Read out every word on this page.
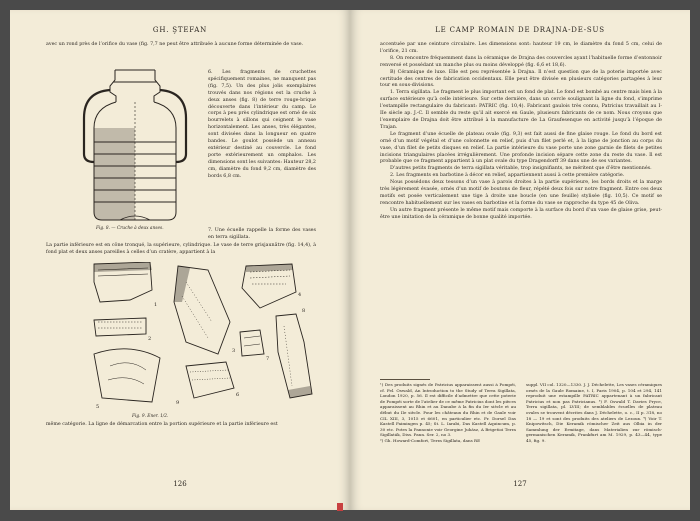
GH. ŞTEFAN
avec un rond près de l’orifice du vase (fig. 7,7 ne peut être attribuée à aucune forme déterminée de vase.
Fig. 8. — Cruche à deux anses.
6. Les fragments de cruchettes spécifiquement romaines, ne manquent pas (fig. 7,5). Un des plus jolis exemplaires trouvés dans nos régions est la cruche à deux anses (fig. 8) de terre rouge-brique découverte dans l’intérieur du camp. Le corps à peu près cylindrique est orné de six bourrelets à sillons qui ceignent le vase horizontalement. Les anses, très élégantes, sont divisées dans la longueur en quatre bandes. Le goulot possède un anneau extérieur destiné au couvercle. Le fond porte extérieurement un omphalos. Les dimensions sont les suivantes: Hauteur 28,2 cm, diamètre du fond 9,2 cm, diamètre des bords 6,8 cm.
7. Une écuelle rappelle la forme des vases en terra sigillata.
La partie inférieure est en cône tronqué, la supérieure, cylindrique. Le vase de terre grisjaunâtre (fig. 14,4), à fond plat et deux anses pareilles à celles d’un cratère, appartient à la
1
2
3
4
5
6
7
8
9
Fig. 9. Ener. 1/2.
même catégorie. La ligne de démarcation entre la portion supérieure et la partie inférieure est
126
LE CAMP ROMAIN DE DRAJNA-DE-SUS

accentuée par une ceinture circulaire. Les dimensions sont: hauteur 19 cm, le diamètre du fond 5 cm, celui de l’orifice, 21 cm.

8. On rencontre fréquemment dans la céramique de Drajna des couvercles ayant l’habituelle forme d’entonnoir renversé et possédant un manche plus ou moins développé (fig. 6,6 et 18,6).

B) Céramique de luxe. Elle est peu représentée à Drajna. Il n’est question que de la poterie importée avec certitude des centres de fabrication occidentaux. Elle peut être divisée en plusieurs catégories partagées à leur tour en sous-divisions.

1. Terra sigillata. Le fragment le plus important est un fond de plat. Le fond est bombé au centre mais bien à la surface extérieure qu’à celle intérieure. Sur cette dernière, dans un cercle soulignant la ligne du fond, s’imprime l’estampille rectangulaire du fabricant: PATRIC (fig. 10,4). Fabricant gaulois très connu, Patricius travaillait au I-IIe siècle ap. J.-C. Il semble du reste qu’il ait exercé en Gaule, plusieurs fabricants de ce nom. Nous croyons que l’exemplaire de Drajna doit être attribué à la manufacture de La Graufesenque en activité jusqu’à l’époque de Trajan.

Le fragment d’une écuelle de plateau ovale (fig. 9,3) est fait aussi de fine glaise rouge. Le fond du bord est orné d’un motif végétal et d’une colonnette en relief, puis d’un filet perlé et, à la ligne de jonction au corps du vase, d’un filet de petits disques en relief. La partie intérieure du vase porte une zone garnie de filets de petites incisions triangulaires placées irrégulièrement. Une profonde incision sépare cette zone du reste du vase. Il est probable que ce fragment appartient à un plat ovale du type Dragendorff 39 dans une de ses variantes.

D’autres petits fragments de terra sigillata véritable, trop insignifiants, ne méritent que d’être mentionnés.

2. Les fragments en barbotine à décor en relief, appartiennent aussi à cette première catégorie.

Nous possédons deux tessons d’un vase à parois droites à la partie supérieure, les bords droits et la marge très légèrement évasée, ornés d’un motif de boutons de fleur, répété deux fois sur notre fragment. Entre ces deux motifs est posée verticalement une tige à droite une boucle (en une feuille) stylisée (fig. 10,5). Ce motif se rencontre habituellement sur les vases en barbotine et la forme du vase se rapproche du type 45 de Oliva.

Un autre fragment présente le même motif mais comporte à la surface du bord d’un vase de glaise grise, peut-être une imitation de la céramique de bonne qualité importée.

¹) Des produits signés de Patricius apparaissent aussi à Pompéi, cf. Fel. Oswald, An Introduction to the Study of Terra Sigillata, London 1920, p. 56. Il est difficile d’admettre que cette poterie de Pompéi sorte de l’atelier de ce même Patricius dont les pièces apparaissent au Rhin et au Danube à la fin du Ier siècle et au début du IIe siècle. Pour les châteaux du Rhin et de Gaule voir CIL XIII, 3, 1015 et 6601, en particulier etc. Fr. Dorsel Das Kastell Faimingen p. 45; St. L. Iarabi, Das Kastell Aquincum, p. 30 etc. Potes la Pannonie voir Georgine Juhász, A Brigetioi Terra Sigillaták, Diss. Pann. Ser. 2, no 3.

²) Gh. Howard-Comfort, Terra Sigillata, dans RE

suppl. VII col. 1320—1330. J. J. Déchelette, Les vases céramiques ornés de la Gaule Romaine, t. I, Paris 1904, p. 104 et 294, 141 reproduit une estampille PATRIC appartenant à un fabricant Patricius et non pas Patricianus. ³) F. Oswald T. Davies Pryce, Terra sigillata, pl. LVIII; de semblables écuelles de plateau ovales se trouvent décrites dans J. Déchelette, o. c., II p. 318, no 18 — 19 et sont des produits des ateliers de Lezoux. ⁴) Voir T. Knipowitsch, Die Keramik römischer Zeit aus Olbia in der Sammlung der Ermitage, dans Materialien zur römisch-germanischen Keramik, Frankfurt am M. 1929, p. 43—44, type 45, fig. 9.

127
